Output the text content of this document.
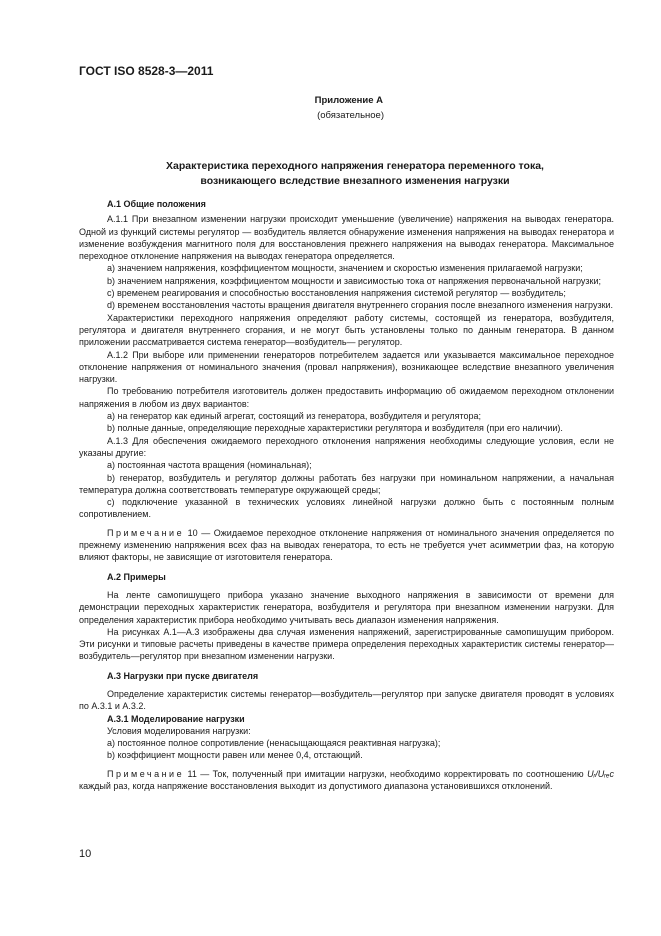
ГОСТ ISO 8528-3—2011
Приложение А
(обязательное)
Характеристика переходного напряжения генератора переменного тока,
возникающего вследствие внезапного изменения нагрузки

А.1 Общие положения

А.1.1 При внезапном изменении нагрузки происходит уменьшение (увеличение) напряжения на выводах генератора. Одной из функций системы регулятор — возбудитель является обнаружение изменения напряжения на выводах генератора и изменение возбуждения магнитного поля для восстановления прежнего напряжения на выводах генератора. Максимальное переходное отклонение напряжения на выводах генератора определяется.

а) значением напряжения, коэффициентом мощности, значением и скоростью изменения прилагаемой нагрузки;

b) значением напряжения, коэффициентом мощности и зависимостью тока от напряжения первоначальной нагрузки;

с) временем реагирования и способностью восстановления напряжения системой регулятор — возбудитель;

d) временем восстановления частоты вращения двигателя внутреннего сгорания после внезапного изменения нагрузки.

Характеристики переходного напряжения определяют работу системы, состоящей из генератора, возбудителя, регулятора и двигателя внутреннего сгорания, и не могут быть установлены только по данным генератора. В данном приложении рассматривается система генератор—возбудитель— регулятор.

А.1.2 При выборе или применении генераторов потребителем задается или указывается максимальное переходное отклонение напряжения от номинального значения (провал напряжения), возникающее вследствие внезапного увеличения нагрузки.

По требованию потребителя изготовитель должен предоставить информацию об ожидаемом переходном отклонении напряжения в любом из двух вариантов:

а) на генератор как единый агрегат, состоящий из генератора, возбудителя и регулятора;

b) полные данные, определяющие переходные характеристики регулятора и возбудителя (при его наличии).

А.1.3 Для обеспечения ожидаемого переходного отклонения напряжения необходимы следующие условия, если не указаны другие:

а) постоянная частота вращения (номинальная);

b) генератор, возбудитель и регулятор должны работать без нагрузки при номинальном напряжении, а начальная температура должна соответствовать температуре окружающей среды;

с) подключение указанной в технических условиях линейной нагрузки должно быть с постоянным полным сопротивлением.

Примечание 10 — Ожидаемое переходное отклонение напряжения от номинального значения определяется по прежнему изменению напряжения всех фаз на выводах генератора, то есть не требуется учет асимметрии фаз, на которую влияют факторы, не зависящие от изготовителя генератора.

А.2 Примеры

На ленте самопишущего прибора указано значение выходного напряжения в зависимости от времени для демонстрации переходных характеристик генератора, возбудителя и регулятора при внезапном изменении нагрузки. Для определения характеристик прибора необходимо учитывать весь диапазон изменения напряжения.

На рисунках А.1—А.3 изображены два случая изменения напряжений, зарегистрированные самопишущим прибором. Эти рисунки и типовые расчеты приведены в качестве примера определения переходных характеристик системы генератор—возбудитель—регулятор при внезапном изменении нагрузки.

А.3 Нагрузки при пуске двигателя

Определение характеристик системы генератор—возбудитель—регулятор при запуске двигателя проводят в условиях по А.3.1 и А.3.2.

А.3.1 Моделирование нагрузки

Условия моделирования нагрузки:

а) постоянное полное сопротивление (ненасыщающаяся реактивная нагрузка);

b) коэффициент мощности равен или менее 0,4, отстающий.

Примечание 11 — Ток, полученный при имитации нагрузки, необходимо корректировать по соотношению Uᵣ/Uᵣₑc каждый раз, когда напряжение восстановления выходит из допустимого диапазона установившихся отклонений.

10
